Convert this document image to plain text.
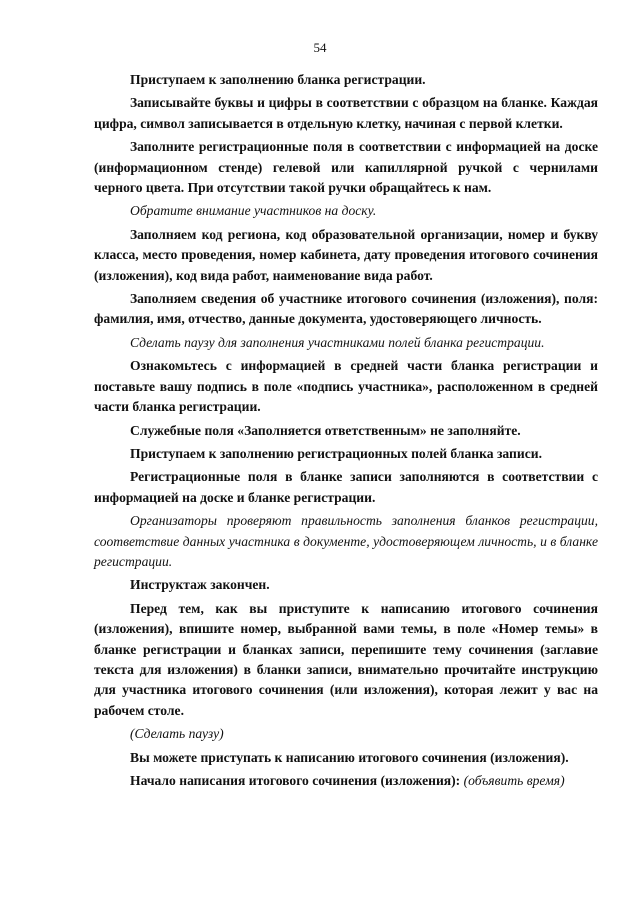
54

Приступаем к заполнению бланка регистрации.

Записывайте буквы и цифры в соответствии с образцом на бланке. Каждая цифра, символ записывается в отдельную клетку, начиная с первой клетки.

Заполните регистрационные поля в соответствии с информацией на доске (информационном стенде) гелевой или капиллярной ручкой с чернилами черного цвета. При отсутствии такой ручки обращайтесь к нам.

Обратите внимание участников на доску.

Заполняем код региона, код образовательной организации, номер и букву класса, место проведения, номер кабинета, дату проведения итогового сочинения (изложения), код вида работ, наименование вида работ.

Заполняем сведения об участнике итогового сочинения (изложения), поля: фамилия, имя, отчество, данные документа, удостоверяющего личность.

Сделать паузу для заполнения участниками полей бланка регистрации.

Ознакомьтесь с информацией в средней части бланка регистрации и поставьте вашу подпись в поле «подпись участника», расположенном в средней части бланка регистрации.

Служебные поля «Заполняется ответственным» не заполняйте.

Приступаем к заполнению регистрационных полей бланка записи.

Регистрационные поля в бланке записи заполняются в соответствии с информацией на доске и бланке регистрации.

Организаторы проверяют правильность заполнения бланков регистрации, соответствие данных участника в документе, удостоверяющем личность, и в бланке регистрации.

Инструктаж закончен.

Перед тем, как вы приступите к написанию итогового сочинения (изложения), впишите номер, выбранной вами темы, в поле «Номер темы» в бланке регистрации и бланках записи, перепишите тему сочинения (заглавие текста для изложения) в бланки записи, внимательно прочитайте инструкцию для участника итогового сочинения (или изложения), которая лежит у вас на рабочем столе.

(Сделать паузу)

Вы можете приступать к написанию итогового сочинения (изложения).

Начало написания итогового сочинения (изложения): (объявить время)
